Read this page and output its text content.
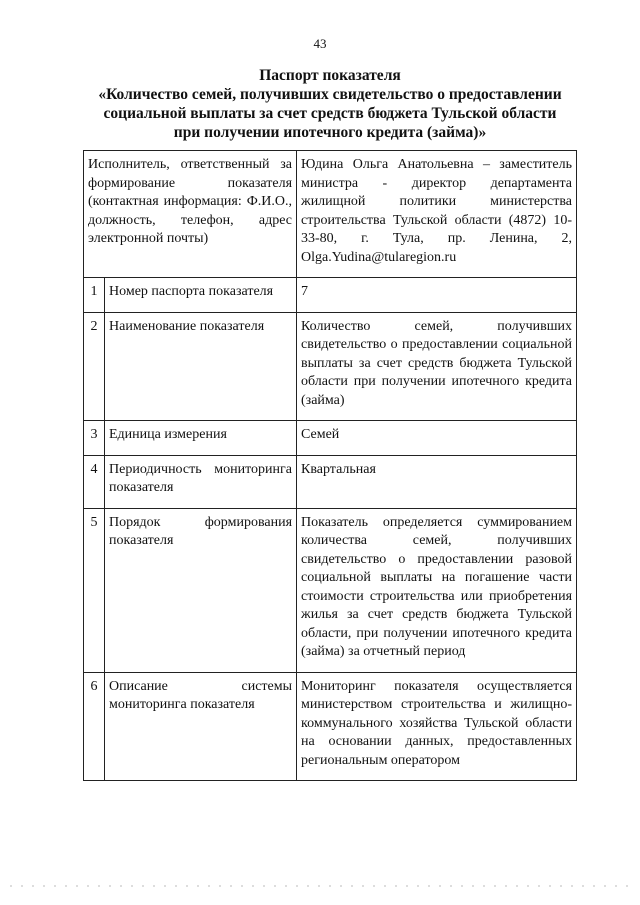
43
Паспорт показателя
«Количество семей, получивших свидетельство о предоставлении
социальной выплаты за счет средств бюджета Тульской области
при получении ипотечного кредита (займа)»
Исполнитель, ответственный за формирование показателя (контактная информация: Ф.И.О., должность, телефон, адрес электронной почты)		Юдина Ольга Анатольевна – заместитель министра - директор департамента жилищной политики министерства строительства Тульской области (4872) 10-33-80, г. Тула, пр. Ленина, 2, Olga.Yudina@tularegion.ru
1	Номер паспорта показателя	7
2	Наименование показателя	Количество семей, получивших свидетельство о предоставлении социальной выплаты за счет средств бюджета Тульской области при получении ипотечного кредита (займа)
3	Единица измерения	Семей
4	Периодичность мониторинга показателя	Квартальная
5	Порядок формирования показателя	Показатель определяется суммированием количества семей, получивших свидетельство о предоставлении разовой социальной выплаты на погашение части стоимости строительства или приобретения жилья за счет средств бюджета Тульской области, при получении ипотечного кредита (займа) за отчетный период
6	Описание системы мониторинга показателя	Мониторинг показателя осуществляется министерством строительства и жилищно-коммунального хозяйства Тульской области на основании данных, предоставленных региональным оператором
